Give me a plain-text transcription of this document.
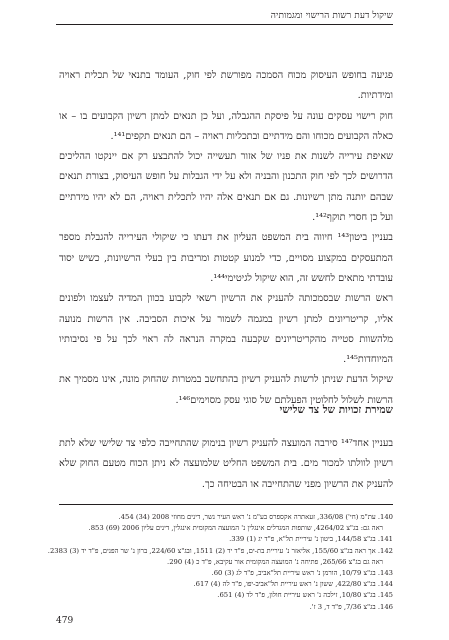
שיקול דעת רשות הרישוי ומגמותיה

פגיעה בחופש העיסוק מכוח הסמכה מפורשת לפי חוק, העומד בתנאי של תכלית ראויה ומידתיות.

חוק רישוי עסקים עונה על פיסקת ההגבלה, ועל כן תנאים למתן רשיון הקבועים בו – או כאלה הקבועים מכוחו והם מידתיים ובתכליות ראויה – הם תנאים תקפים¹⁴¹.

שאיפת עירייה לשנות את פניו של אזור תעשייה יכול להתבצע רק אם יינקטו ההליכים הדרושים לכך לפי חוק התכנון והבניה ולא על ידי הגבלות על חופש העיסוק, בצורת תנאים שבהם יותנה מתן רשיונות. גם אם תנאים אלה יהיו לתכלית ראויה, הם לא יהיו מידתיים ועל כן חסרי תוקף¹⁴².

בעניין ביטון¹⁴³ חיווה בית המשפט העליון את דעתו כי שיקולי העירייה להגבלת מספר המתעסקים במקצוע מסויים, כדי למנוע קטטות ומריבות בין בעלי הרשיונות, כשיש יסוד עובדתי מתאים לחשש זה, הוא שיקול לגיטימי¹⁴⁴.

ראש הרשות שבסמכותה להעניק את הרשיון רשאי לקבוע בכוון המדיה לעצמו ולפונים אליו, קריטריונים למתן רשיון במגמה לשמור על איכות הסביבה. אין הרשות מנועה מלהשוות סטייה מהקריטריונים שקבעה במקרה הנראה לה ראוי לכך על פי נסיבותיו המיוחדות¹⁴⁵.

שיקול הדעת שניתן לרשות להעניק רשיון בהתחשב במטרות שהחוק מונה, אינו מסמיך את הרשות לשלול לחלוטין הפעלתם של סוגי עסק מסוימים¹⁴⁶.

שמירת זכויות של צד שלישי

בעניין אחד¹⁴⁷ סירבה המועצה להעניק רשיון בנימוק שהתחייבה כלפי צד שלישי שלא לתת רשיון לוולתו למכור מים. בית המשפט החליט שלמועצה לא ניתן הכוח מטעם החוק שלא להעניק את הרשיון מפני שהתחייבה או הבטיחה כך.

140. עת"מ (חי') 336/08, זעאתרה אקספרס בע"מ נ' ראש העיר נשר, דינים מחוזי 2008 (34) 454.

ראה גם: בג"צ 4264/02, שותפות המגדלים אינגלין נ' המועצה המקומית אינגלין, דינים עליון 2006 (69) 853.

141. בג"צ 144/58, ביטון נ' עיריית תל"א, פ"ד יג (1) 339.

142. אך ראה בג"צ 155/60, אליאזר נ' עיריית בת-ים, פ"ד יד (2) 1511, ובג"צ 224/60, ברון נ' שר הפנים, פ"ד יד (3) 2383.

ראה גם בג"צ 265/66, פתיחה נ' המועצה המקומית אור עקיבא, פ"ד כ (4) 290.

143. בג"צ 10/79, הורמן נ' ראש עיריית תל"אביב, פ"ד לג (3) 60.

144. בג"צ 422/80, ששון נ' ראש עיריית תל"אביב-יפו, פ"ד לה (4) 617.

145. בג"צ 10/80, זילכה נ' ראש עיריית חולון, פ"ד לד (4) 651.

146. בג"צ 7/36, פ"ד ד, 3 ז'.

479
